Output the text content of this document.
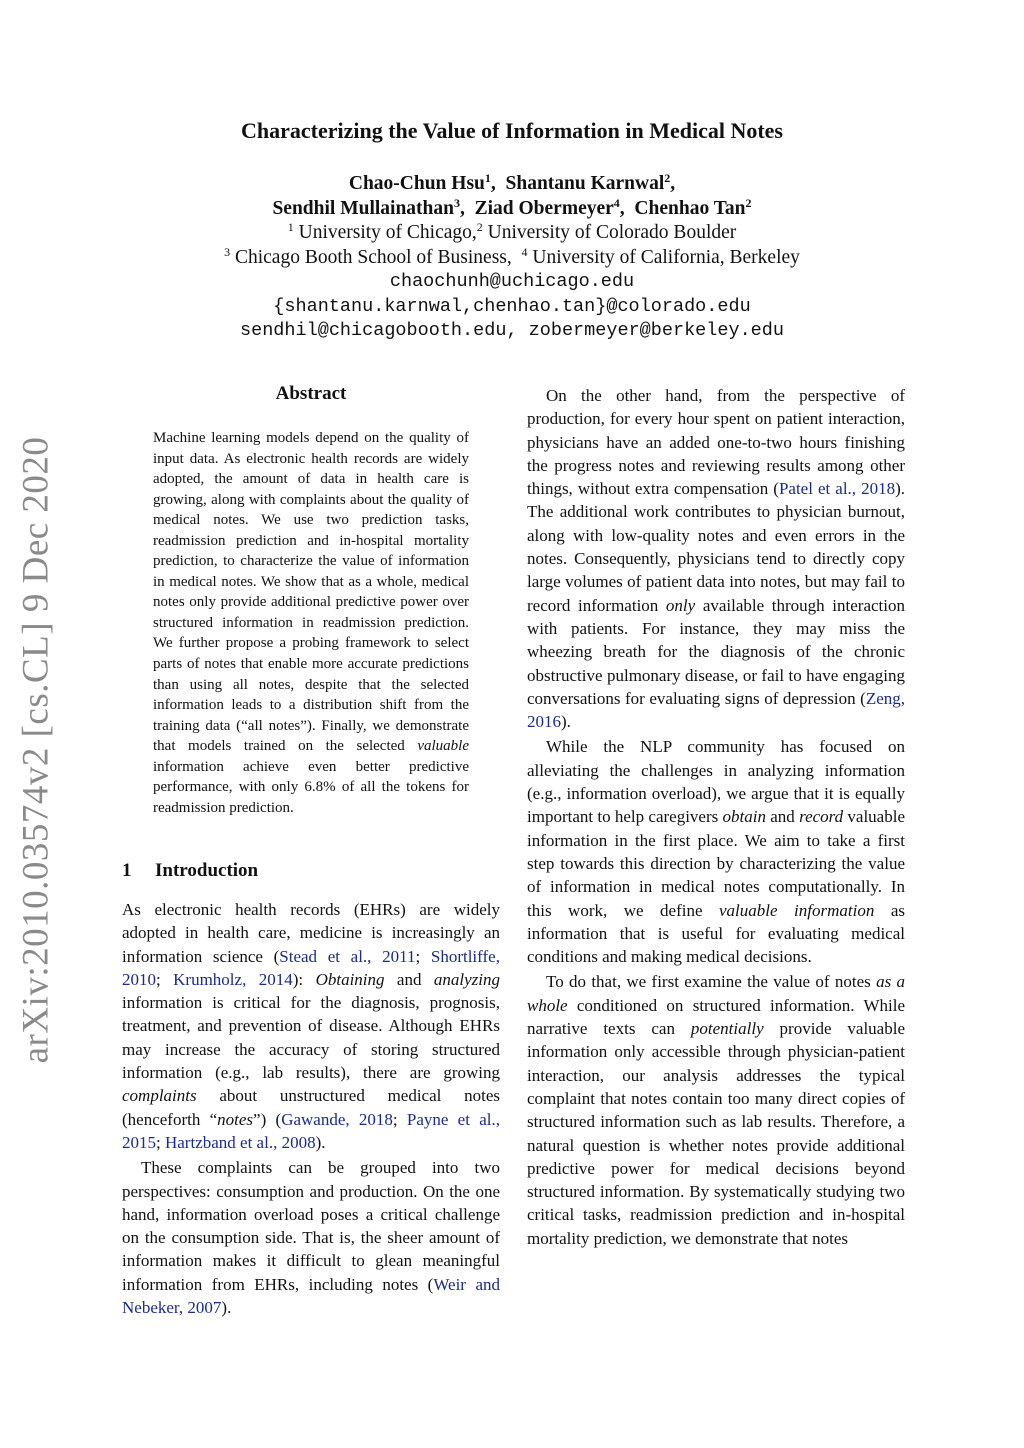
arXiv:2010.03574v2 [cs.CL] 9 Dec 2020
Characterizing the Value of Information in Medical Notes
Chao-Chun Hsu$^1$,  Shantanu Karnwal$^2$,
Sendhil Mullainathan$^3$,  Ziad Obermeyer$^4$,  Chenhao Tan$^2$
$^1$ University of Chicago,$^2$ University of Colorado Boulder
$^3$ Chicago Booth School of Business, $^4$ University of California, Berkeley
chaochunh@uchicago.edu
{shantanu.karnwal,chenhao.tan}@colorado.edu
sendhil@chicagobooth.edu, zobermeyer@berkeley.edu
Abstract
Machine learning models depend on the quality of input data. As electronic health records are widely adopted, the amount of data in health care is growing, along with complaints about the quality of medical notes. We use two prediction tasks, readmission prediction and in-hospital mortality prediction, to characterize the value of information in medical notes. We show that as a whole, medical notes only provide additional predictive power over structured information in readmission prediction. We further propose a probing framework to select parts of notes that enable more accurate predictions than using all notes, despite that the selected information leads to a distribution shift from the training data (“all notes”). Finally, we demonstrate that models trained on the selected valuable information achieve even better predictive performance, with only 6.8% of all the tokens for readmission prediction.
1 Introduction

As electronic health records (EHRs) are widely adopted in health care, medicine is increasingly an information science (Stead et al., 2011; Shortliffe, 2010; Krumholz, 2014): Obtaining and analyzing information is critical for the diagnosis, prognosis, treatment, and prevention of disease. Although EHRs may increase the accuracy of storing structured information (e.g., lab results), there are growing complaints about unstructured medical notes (henceforth “notes”) (Gawande, 2018; Payne et al., 2015; Hartzband et al., 2008).

These complaints can be grouped into two perspectives: consumption and production. On the one hand, information overload poses a critical challenge on the consumption side. That is, the sheer amount of information makes it difficult to glean meaningful information from EHRs, including notes (Weir and Nebeker, 2007).

On the other hand, from the perspective of production, for every hour spent on patient interaction, physicians have an added one-to-two hours finishing the progress notes and reviewing results among other things, without extra compensation (Patel et al., 2018). The additional work contributes to physician burnout, along with low-quality notes and even errors in the notes. Consequently, physicians tend to directly copy large volumes of patient data into notes, but may fail to record information only available through interaction with patients. For instance, they may miss the wheezing breath for the diagnosis of the chronic obstructive pulmonary disease, or fail to have engaging conversations for evaluating signs of depression (Zeng, 2016).

While the NLP community has focused on alleviating the challenges in analyzing information (e.g., information overload), we argue that it is equally important to help caregivers obtain and record valuable information in the first place. We aim to take a first step towards this direction by characterizing the value of information in medical notes computationally. In this work, we define valuable information as information that is useful for evaluating medical conditions and making medical decisions.

To do that, we first examine the value of notes as a whole conditioned on structured information. While narrative texts can potentially provide valuable information only accessible through physician-patient interaction, our analysis addresses the typical complaint that notes contain too many direct copies of structured information such as lab results. Therefore, a natural question is whether notes provide additional predictive power for medical decisions beyond structured information. By systematically studying two critical tasks, readmission prediction and in-hospital mortality prediction, we demonstrate that notes
